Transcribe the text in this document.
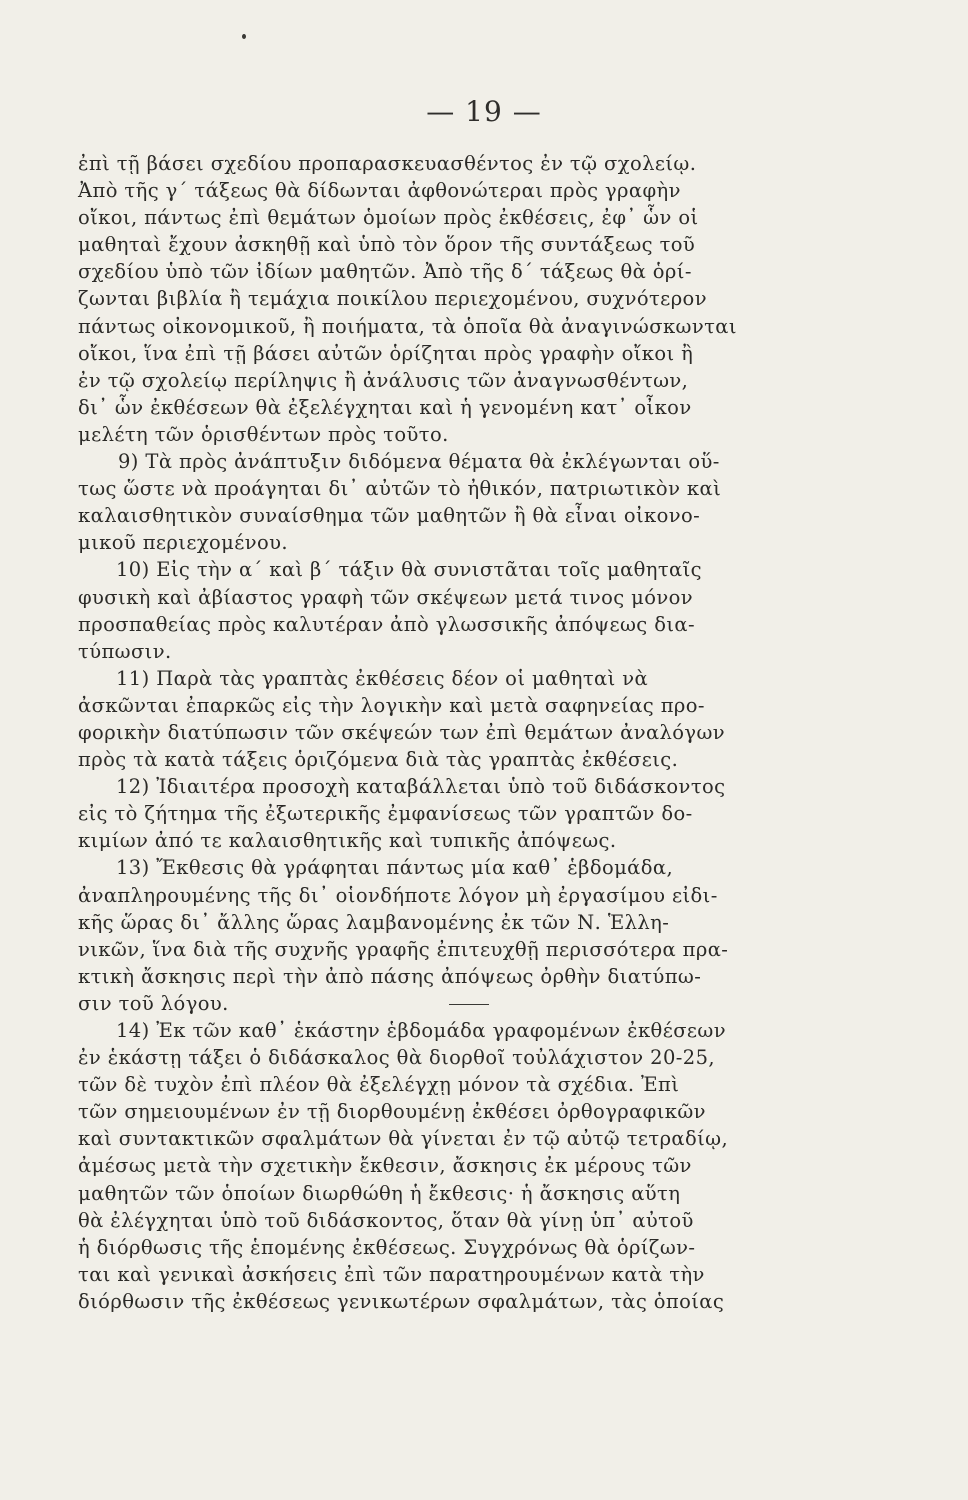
— 19 —
ἐπὶ τῇ βάσει σχεδίου προπαρασκευασθέντος ἐν τῷ σχολείῳ.
Ἀπὸ τῆς γ΄ τάξεως θὰ δίδωνται ἀφθονώτεραι πρὸς γραφὴν
οἴκοι, πάντως ἐπὶ θεμάτων ὁμοίων πρὸς ἐκθέσεις, ἐφ᾿ ὧν οἱ
μαθηταὶ ἔχουν ἀσκηθῇ καὶ ὑπὸ τὸν ὅρον τῆς συντάξεως τοῦ
σχεδίου ὑπὸ τῶν ἰδίων μαθητῶν. Ἀπὸ τῆς δ΄ τάξεως θὰ ὁρί-
ζωνται βιβλία ἢ τεμάχια ποικίλου περιεχομένου, συχνότερον
πάντως οἰκονομικοῦ, ἢ ποιήματα, τὰ ὁποῖα θὰ ἀναγινώσκωνται
οἴκοι, ἵνα ἐπὶ τῇ βάσει αὐτῶν ὁρίζηται πρὸς γραφὴν οἴκοι ἢ
ἐν τῷ σχολείῳ περίληψις ἢ ἀνάλυσις τῶν ἀναγνωσθέντων,
δι᾿ ὧν ἐκθέσεων θὰ ἐξελέγχηται καὶ ἡ γενομένη κατ᾿ οἶκον
μελέτη τῶν ὁρισθέντων πρὸς τοῦτο.
9) Τὰ πρὸς ἀνάπτυξιν διδόμενα θέματα θὰ ἐκλέγωνται οὕ-
τως ὥστε νὰ προάγηται δι᾿ αὐτῶν τὸ ἠθικόν, πατριωτικὸν καὶ
καλαισθητικὸν συναίσθημα τῶν μαθητῶν ἢ θὰ εἶναι οἰκονο-
μικοῦ περιεχομένου.
10) Εἰς τὴν α΄ καὶ β΄ τάξιν θὰ συνιστᾶται τοῖς μαθηταῖς
φυσικὴ καὶ ἀβίαστος γραφὴ τῶν σκέψεων μετά τινος μόνον
προσπαθείας πρὸς καλυτέραν ἀπὸ γλωσσικῆς ἀπόψεως δια-
τύπωσιν.
11) Παρὰ τὰς γραπτὰς ἐκθέσεις δέον οἱ μαθηταὶ νὰ
ἀσκῶνται ἐπαρκῶς εἰς τὴν λογικὴν καὶ μετὰ σαφηνείας προ-
φορικὴν διατύπωσιν τῶν σκέψεών των ἐπὶ θεμάτων ἀναλόγων
πρὸς τὰ κατὰ τάξεις ὁριζόμενα διὰ τὰς γραπτὰς ἐκθέσεις.
12) Ἰδιαιτέρα προσοχὴ καταβάλλεται ὑπὸ τοῦ διδάσκοντος
εἰς τὸ ζήτημα τῆς ἐξωτερικῆς ἐμφανίσεως τῶν γραπτῶν δο-
κιμίων ἀπό τε καλαισθητικῆς καὶ τυπικῆς ἀπόψεως.
13) Ἔκθεσις θὰ γράφηται πάντως μία καθ᾿ ἑβδομάδα,
ἀναπληρουμένης τῆς δι᾿ οἱονδήποτε λόγον μὴ ἐργασίμου εἰδι-
κῆς ὥρας δι᾿ ἄλλης ὥρας λαμβανομένης ἐκ τῶν Ν. Ἑλλη-
νικῶν, ἵνα διὰ τῆς συχνῆς γραφῆς ἐπιτευχθῇ περισσότερα πρα-
κτικὴ ἄσκησις περὶ τὴν ἀπὸ πάσης ἀπόψεως ὀρθὴν διατύπω-
σιν τοῦ λόγου.
14) Ἐκ τῶν καθ᾿ ἑκάστην ἑβδομάδα γραφομένων ἐκθέσεων
ἐν ἑκάστῃ τάξει ὁ διδάσκαλος θὰ διορθοῖ τοὐλάχιστον 20-25,
τῶν δὲ τυχὸν ἐπὶ πλέον θὰ ἐξελέγχῃ μόνον τὰ σχέδια. Ἐπὶ
τῶν σημειουμένων ἐν τῇ διορθουμένῃ ἐκθέσει ὀρθογραφικῶν
καὶ συντακτικῶν σφαλμάτων θὰ γίνεται ἐν τῷ αὐτῷ τετραδίῳ,
ἀμέσως μετὰ τὴν σχετικὴν ἔκθεσιν, ἄσκησις ἐκ μέρους τῶν
μαθητῶν τῶν ὁποίων διωρθώθη ἡ ἔκθεσις· ἡ ἄσκησις αὕτη
θὰ ἐλέγχηται ὑπὸ τοῦ διδάσκοντος, ὅταν θὰ γίνῃ ὑπ᾿ αὐτοῦ
ἡ διόρθωσις τῆς ἑπομένης ἐκθέσεως. Συγχρόνως θὰ ὁρίζων-
ται καὶ γενικαὶ ἀσκήσεις ἐπὶ τῶν παρατηρουμένων κατὰ τὴν
διόρθωσιν τῆς ἐκθέσεως γενικωτέρων σφαλμάτων, τὰς ὁποίας
